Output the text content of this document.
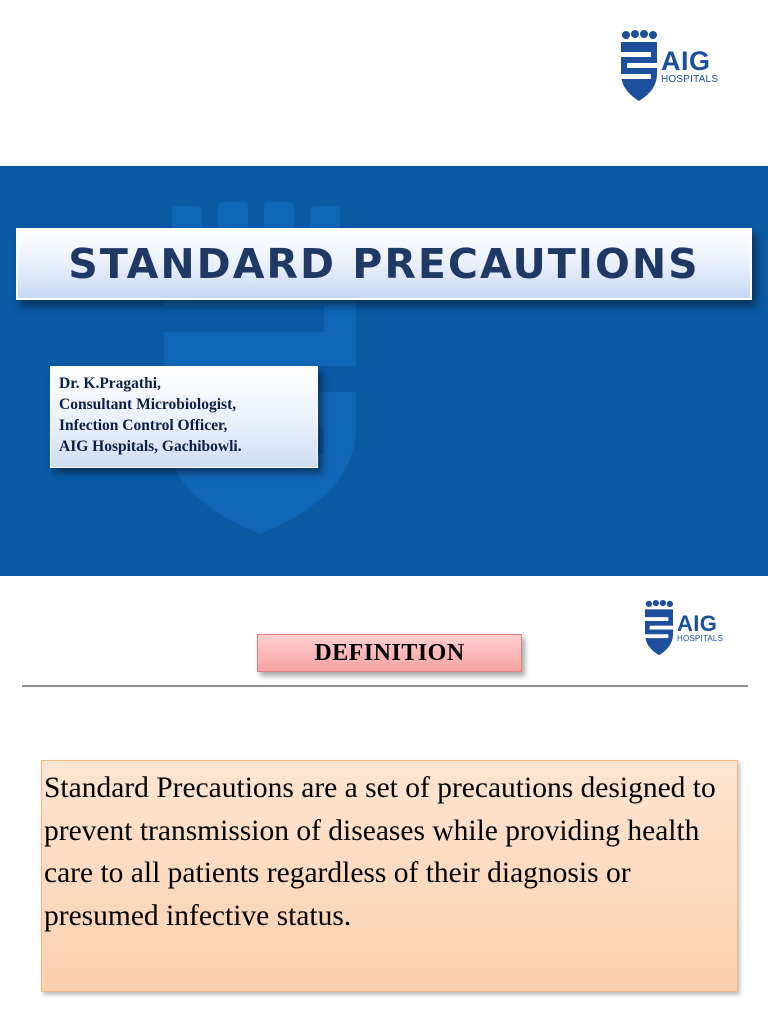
AIG
HOSPITALS
STANDARD PRECAUTIONS
Dr. K.Pragathi,
Consultant Microbiologist,
Infection Control Officer,
AIG Hospitals, Gachibowli.
AIG
HOSPITALS
DEFINITION

Standard Precautions are a set of precautions designed to prevent transmission of diseases while providing health care to all patients regardless of their diagnosis or presumed infective status.
